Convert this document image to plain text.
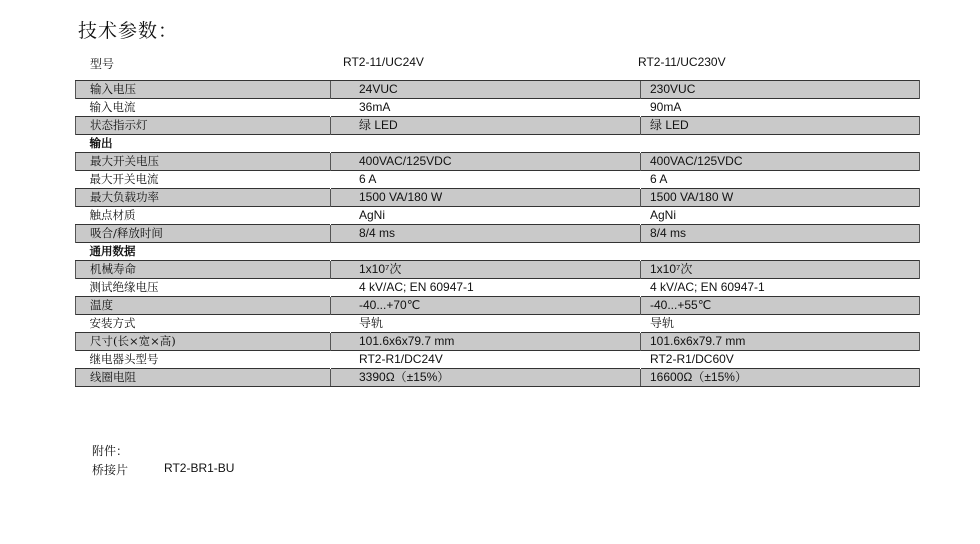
技术参数：
型号	RT2-11/UC24V	RT2-11/UC230V
输入电压	24VUC	230VUC
输入电流	36mA	90mA
状态指示灯	绿 LED	绿 LED
输出		
最大开关电压	400VAC/125VDC	400VAC/125VDC
最大开关电流	6 A	6 A
最大负载功率	1500 VA/180 W	1500 VA/180 W
触点材质	AgNi	AgNi
吸合/释放时间	8/4 ms	8/4 ms
通用数据		
机械寿命	1x10⁷次	1x10⁷次
测试绝缘电压	4 kV/AC; EN 60947-1	4 kV/AC; EN 60947-1
温度	-40...+70℃	-40...+55℃
安装方式	导轨	导轨
尺寸(长×宽×高)	101.6x6x79.7 mm	101.6x6x79.7 mm
继电器头型号	RT2-R1/DC24V	RT2-R1/DC60V
线圈电阻	3390Ω（±15%）	16600Ω（±15%）
附件：
桥接片	RT2-BR1-BU
